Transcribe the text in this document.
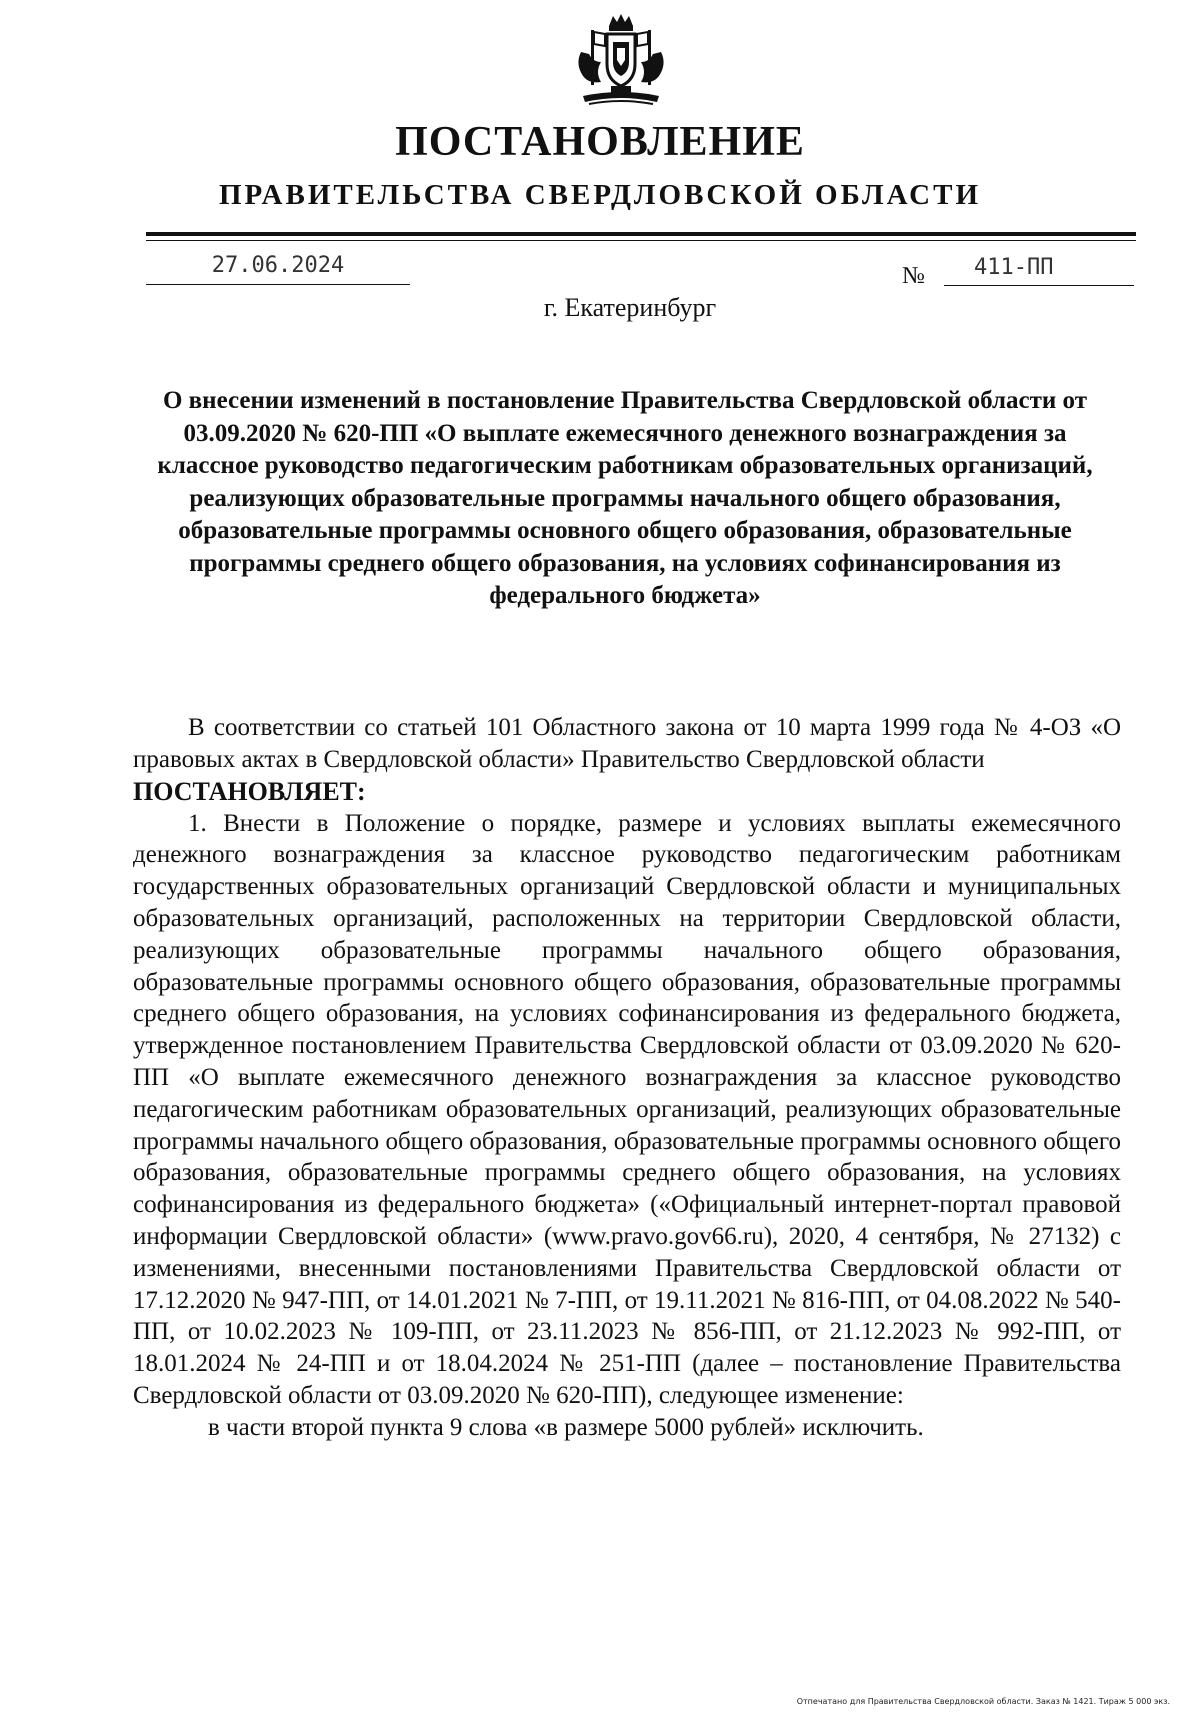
ПОСТАНОВЛЕНИЕ
ПРАВИТЕЛЬСТВА СВЕРДЛОВСКОЙ ОБЛАСТИ
27.06.2024	№	411-ПП
г. Екатеринбург

О внесении изменений в постановление Правительства Свердловской области от 03.09.2020 № 620-ПП «О выплате ежемесячного денежного вознаграждения за классное руководство педагогическим работникам образовательных организаций, реализующих образовательные программы начального общего образования, образовательные программы основного общего образования, образовательные программы среднего общего образования, на условиях софинансирования из федерального бюджета»

В соответствии со статьей 101 Областного закона от 10 марта 1999 года № 4-ОЗ «О правовых актах в Свердловской области» Правительство Свердловской области

ПОСТАНОВЛЯЕТ:

1. Внести в Положение о порядке, размере и условиях выплаты ежемесячного денежного вознаграждения за классное руководство педагогическим работникам государственных образовательных организаций Свердловской области и муниципальных образовательных организаций, расположенных на территории Свердловской области, реализующих образовательные программы начального общего образования, образовательные программы основного общего образования, образовательные программы среднего общего образования, на условиях софинансирования из федерального бюджета, утвержденное постановлением Правительства Свердловской области от 03.09.2020 № 620-ПП «О выплате ежемесячного денежного вознаграждения за классное руководство педагогическим работникам образовательных организаций, реализующих образовательные программы начального общего образования, образовательные программы основного общего образования, образовательные программы среднего общего образования, на условиях софинансирования из федерального бюджета» («Официальный интернет-портал правовой информации Свердловской области» (www.pravo.gov66.ru), 2020, 4 сентября, № 27132) с изменениями, внесенными постановлениями Правительства Свердловской области от 17.12.2020 № 947-ПП, от 14.01.2021 № 7-ПП, от 19.11.2021 № 816-ПП, от 04.08.2022 № 540-ПП, от 10.02.2023 № 109-ПП, от 23.11.2023 № 856-ПП, от 21.12.2023 № 992-ПП, от 18.01.2024 № 24-ПП и от 18.04.2024 № 251-ПП (далее – постановление Правительства Свердловской области от 03.09.2020 № 620-ПП), следующее изменение:

в части второй пункта 9 слова «в размере 5000 рублей» исключить.

Отпечатано для Правительства Свердловской области. Заказ № 1421. Тираж 5 000 экз.
